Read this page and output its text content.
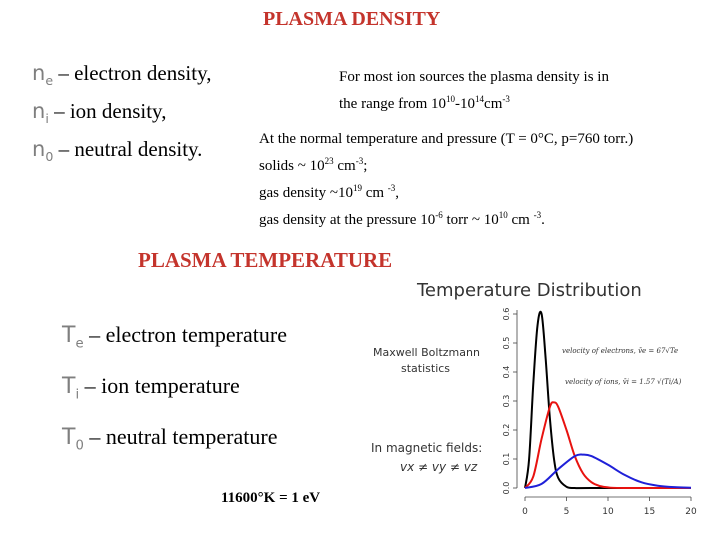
PLASMA DENSITY
$n_e$ – electron density,
$n_i$ – ion density,
$n_0$ – neutral density.
For most ion sources the plasma density is in
the range from $10^{10}-10^{14}cm^{-3}$
At the normal temperature and pressure (T = 0°C, p=760 torr.)
solids ~ $10^{23}$ $cm^{-3}$;
gas density $\sim 10^{19}$ cm $^{-3}$,
gas density at the pressure $10^{-6}$ torr ~ $10^{10}$ cm $^{-3}$.
PLASMA TEMPERATURE
$T_e$ – electron temperature
$T_i$ – ion temperature
$T_0$ – neutral temperature
11600°K = 1 eV
Temperature Distribution
Maxwell Boltzmann
statistics
In magnetic fields:
vx ≠ vy ≠ vz
velocity of electrons, v̄e = 67√Te
velocity of ions, v̄i = 1.57 √(Ti/A)
0.0
0.1
0.2
0.3
0.4
0.5
0.6
0	5	10	15	20
